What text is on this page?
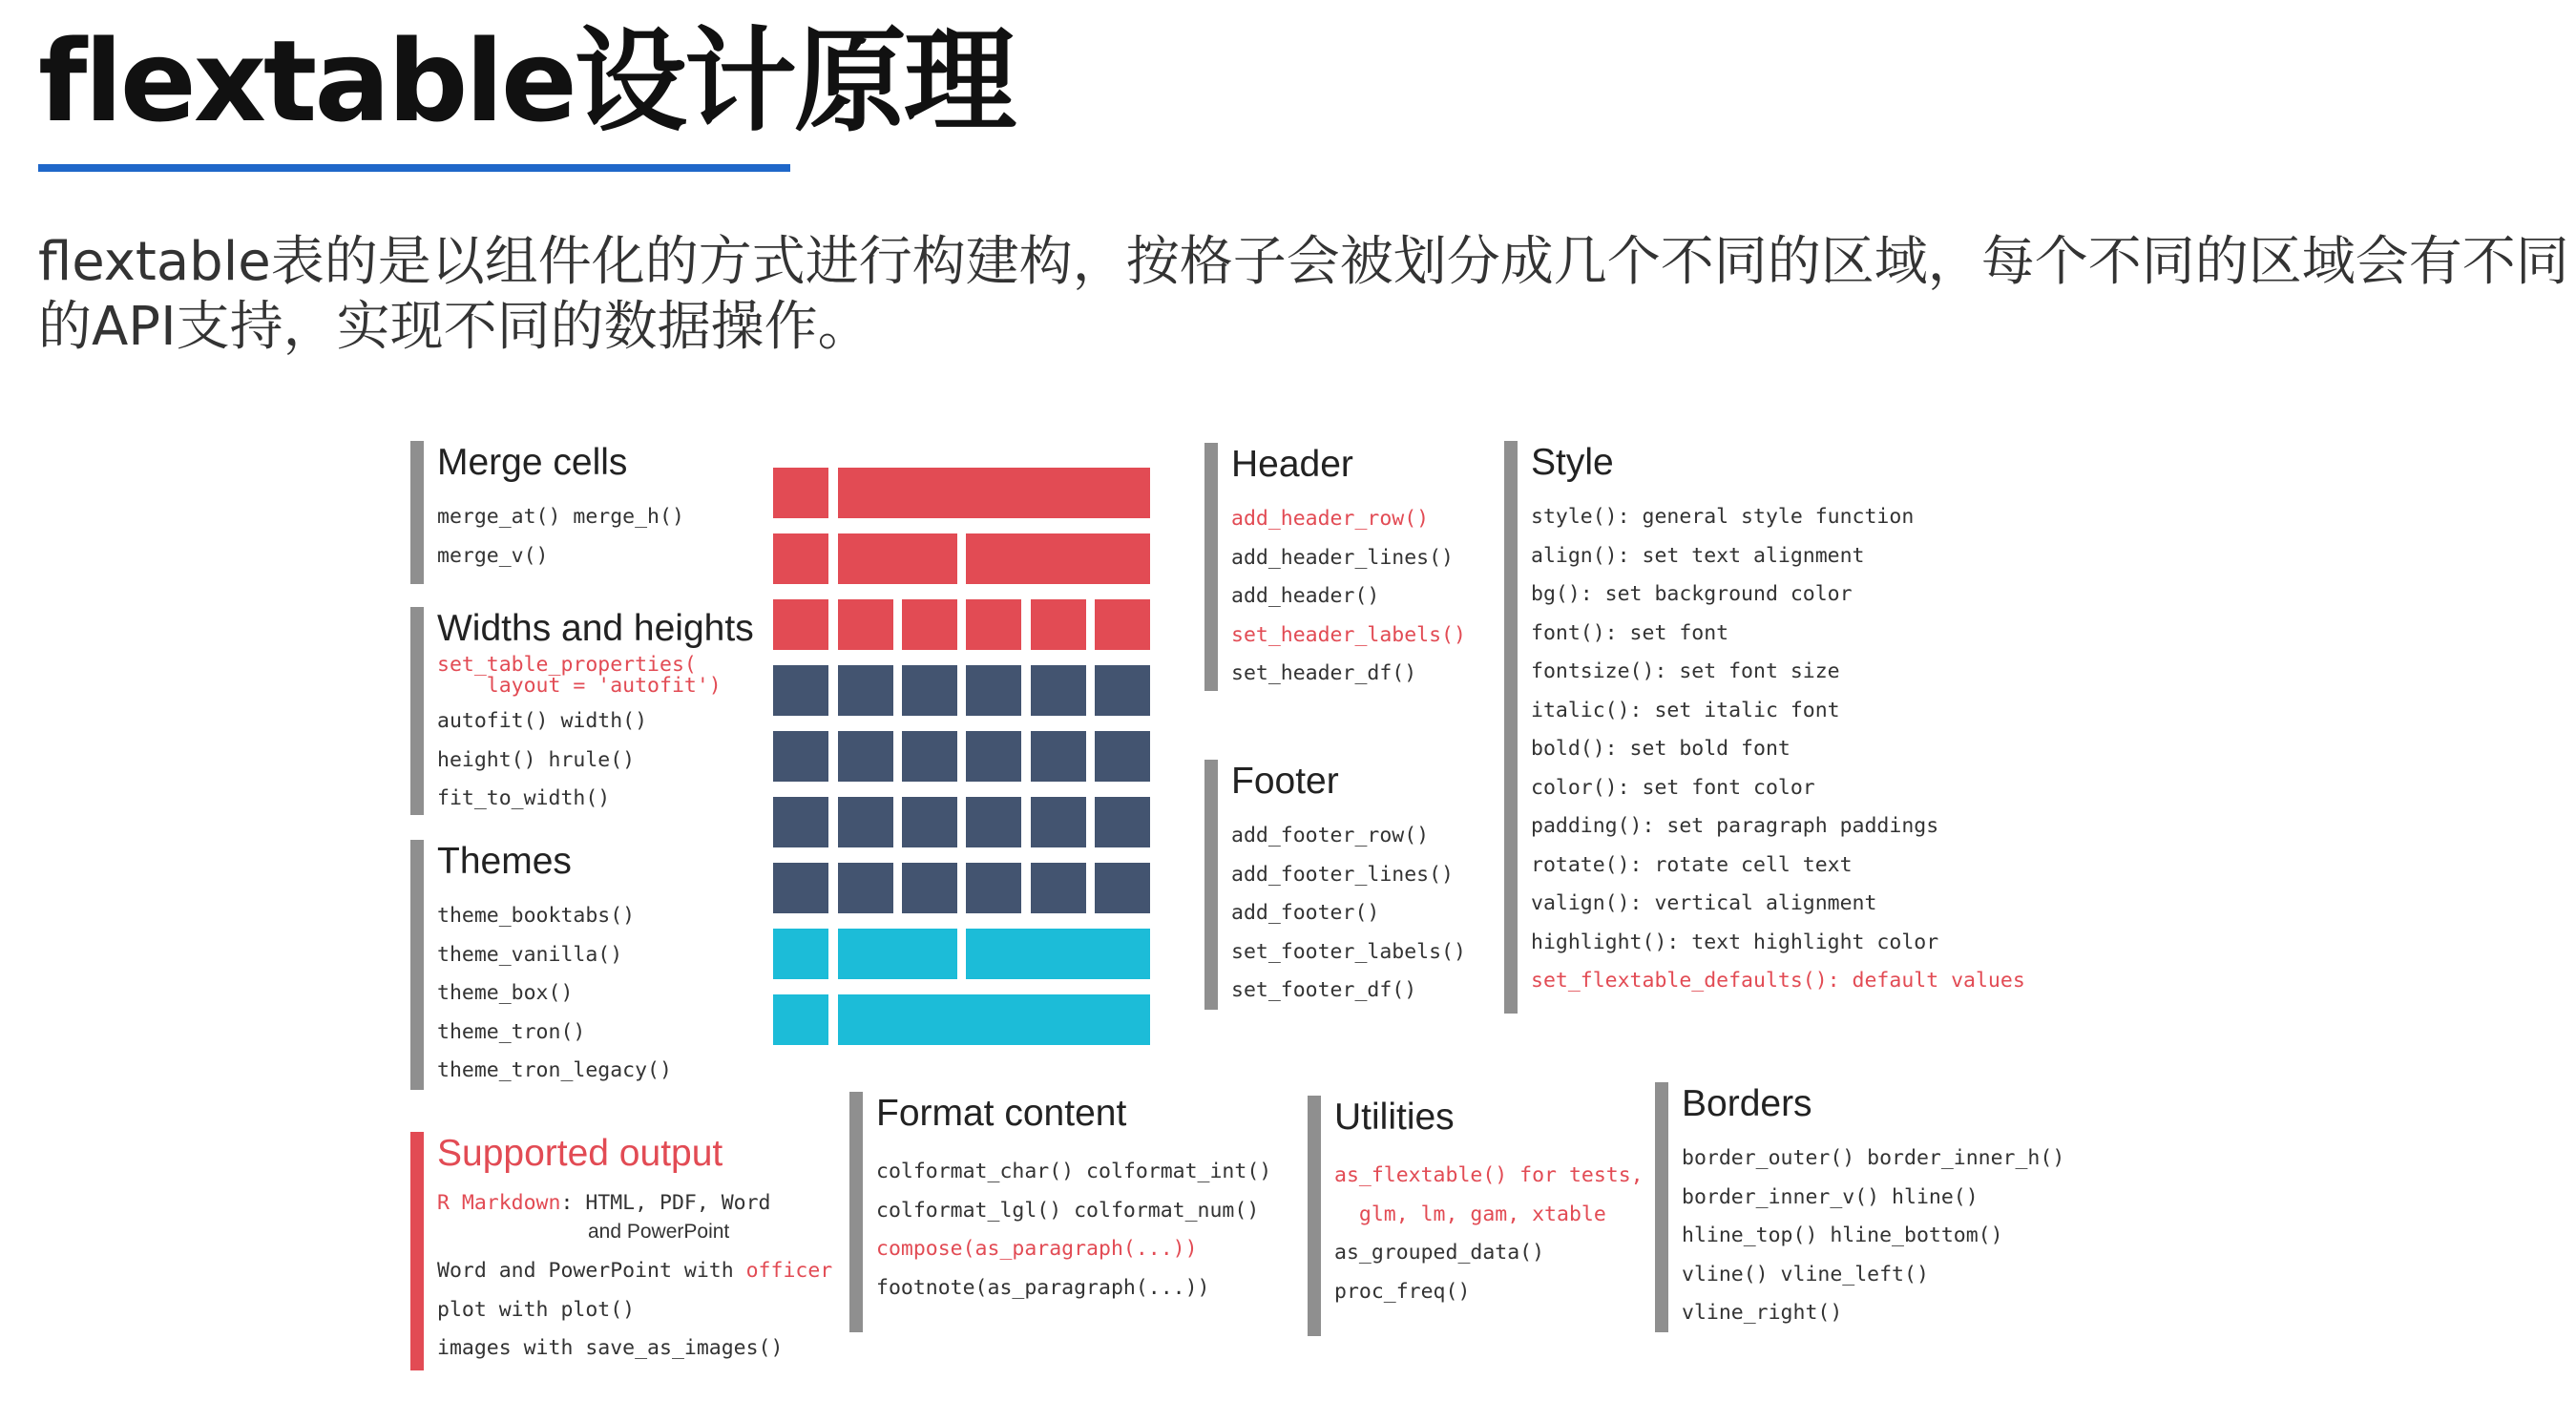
flextable设计原理
flextable表的是以组件化的方式进行构建构，按格子会被划分成几个不同的区域，每个不同的区域会有不同
的API支持，实现不同的数据操作。
Merge cells
merge_at() merge_h()
merge_v()
Widths and heights
set_table_properties(
layout = 'autofit')
autofit() width()
height() hrule()
fit_to_width()
Themes
theme_booktabs()
theme_vanilla()
theme_box()
theme_tron()
theme_tron_legacy()
Supported output
R Markdown: HTML, PDF, Word
and PowerPoint
Word and PowerPoint with officer
plot with plot()
images with save_as_images()
Header
add_header_row()
add_header_lines()
add_header()
set_header_labels()
set_header_df()
Footer
add_footer_row()
add_footer_lines()
add_footer()
set_footer_labels()
set_footer_df()
Style
style(): general style function
align(): set text alignment
bg(): set background color
font(): set font
fontsize(): set font size
italic(): set italic font
bold(): set bold font
color(): set font color
padding(): set paragraph paddings
rotate(): rotate cell text
valign(): vertical alignment
highlight(): text highlight color
set_flextable_defaults(): default values
Format content
colformat_char() colformat_int()
colformat_lgl() colformat_num()
compose(as_paragraph(...))
footnote(as_paragraph(...))
Utilities
as_flextable() for tests,
glm, lm, gam, xtable
as_grouped_data()
proc_freq()
Borders
border_outer() border_inner_h()
border_inner_v() hline()
hline_top() hline_bottom()
vline() vline_left()
vline_right()
